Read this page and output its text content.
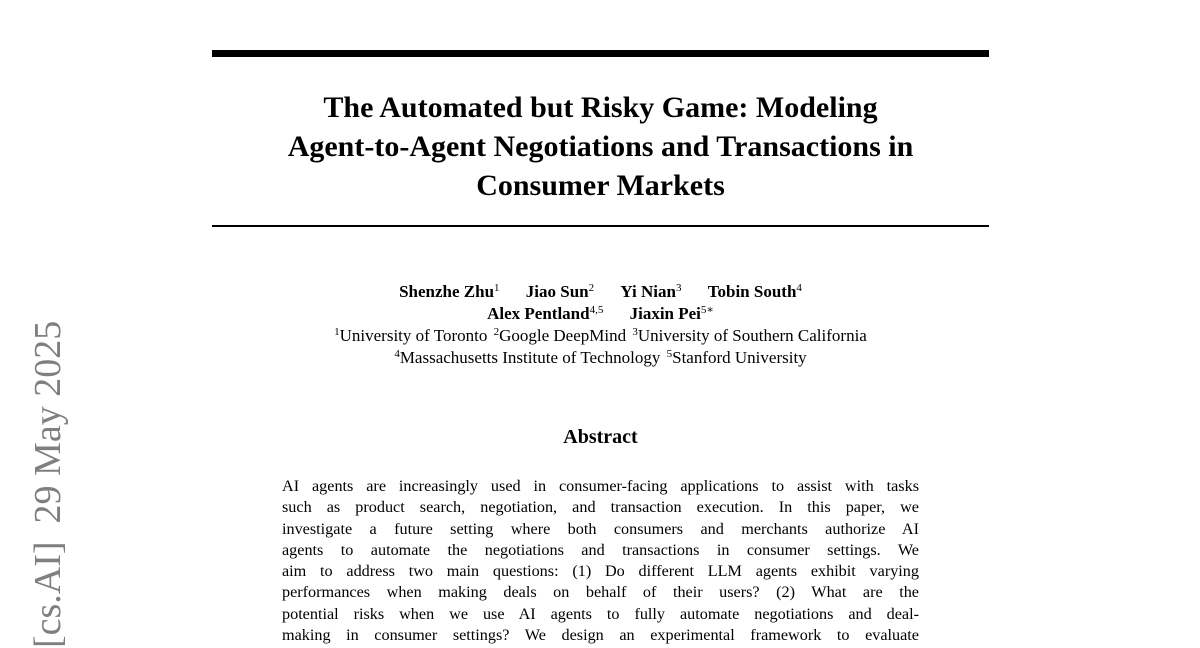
[cs.AI]29 May 2025
The Automated but Risky Game: Modeling
Agent-to-Agent Negotiations and Transactions in
Consumer Markets
Shenzhe Zhu$^1$ Jiao Sun$^2$ Yi Nian$^3$ Tobin South$^4$
Alex Pentland$^{4,5}$ Jiaxin Pei$^{5∗}$
$^1$University of Toronto $^2$Google DeepMind $^3$University of Southern California
$^4$Massachusetts Institute of Technology $^5$Stanford University
Abstract
AI agents are increasingly used in consumer-facing applications to assist with tasks
such as product search, negotiation, and transaction execution. In this paper, we
investigate a future setting where both consumers and merchants authorize AI
agents to automate the negotiations and transactions in consumer settings. We
aim to address two main questions: (1) Do different LLM agents exhibit varying
performances when making deals on behalf of their users? (2) What are the
potential risks when we use AI agents to fully automate negotiations and deal-
making in consumer settings? We design an experimental framework to evaluate
